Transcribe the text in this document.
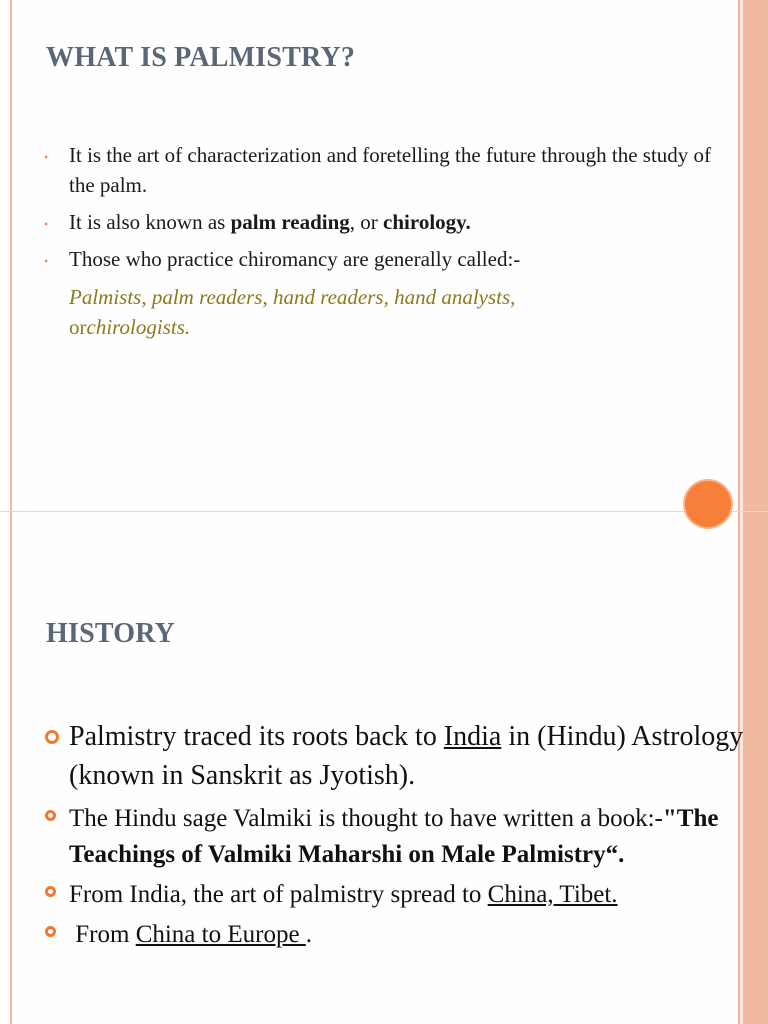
WHAT IS PALMISTRY?
• It is the art of characterization and foretelling the future through the study of the palm.
• It is also known as palm reading, or chirology.
• Those who practice chiromancy are generally called:-
Palmists, palm readers, hand readers, hand analysts,
orchirologists.
HISTORY
Palmistry traced its roots back to India in (Hindu) Astrology (known in Sanskrit as Jyotish).
The Hindu sage Valmiki is thought to have written a book:-"The Teachings of Valmiki Maharshi on Male Palmistry“.
From India, the art of palmistry spread to China, Tibet.
From China to Europe .
